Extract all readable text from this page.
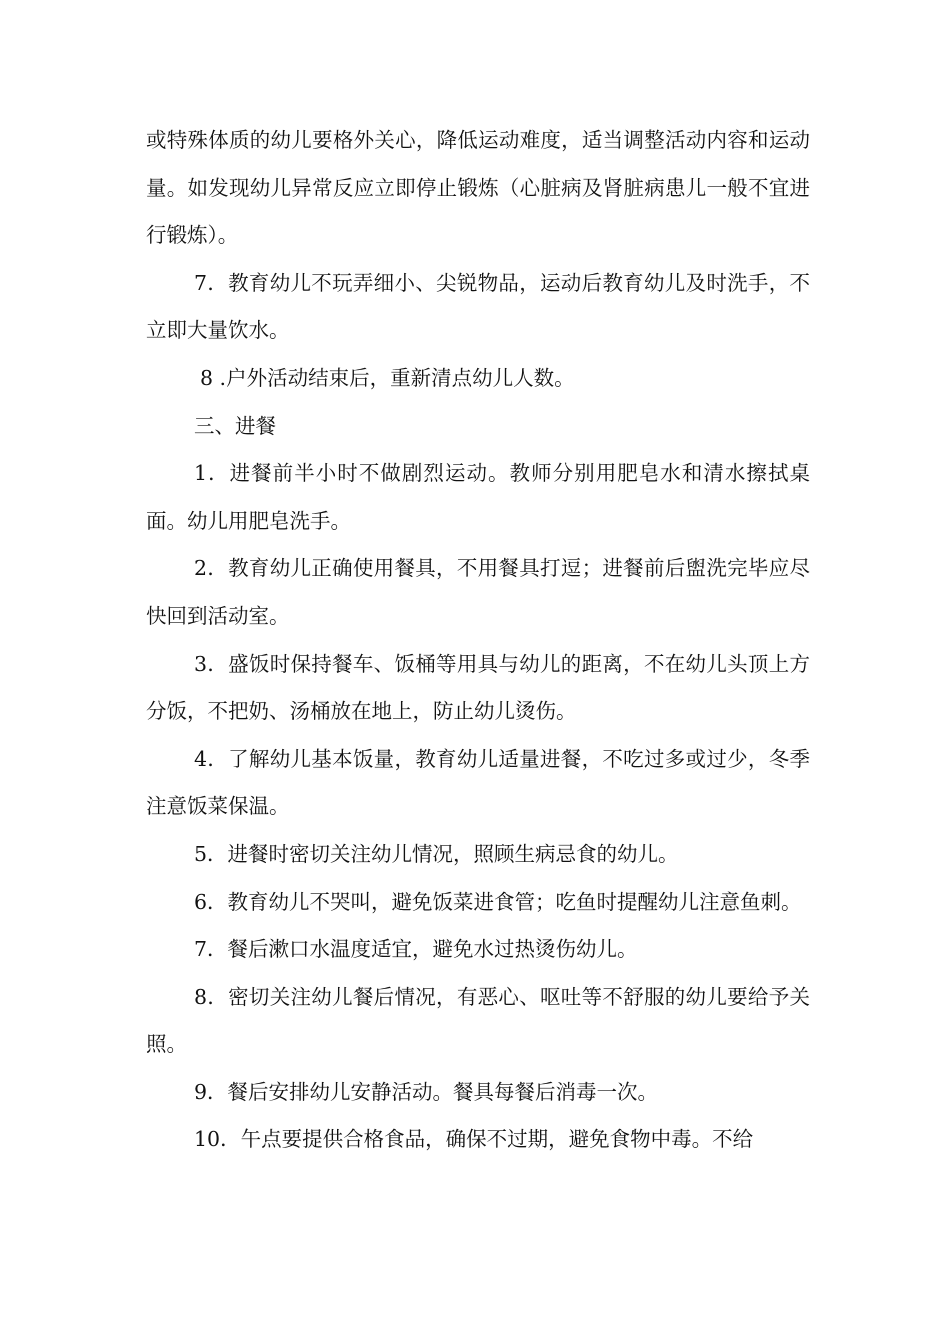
或特殊体质的幼儿要格外关心，降低运动难度，适当调整活动内容和运动量。如发现幼儿异常反应立即停止锻炼（心脏病及肾脏病患儿一般不宜进行锻炼）。

7．教育幼儿不玩弄细小、尖锐物品，运动后教育幼儿及时洗手，不立即大量饮水。

8 .户外活动结束后，重新清点幼儿人数。

三、进餐

1．进餐前半小时不做剧烈运动。教师分别用肥皂水和清水擦拭桌面。幼儿用肥皂洗手。

2．教育幼儿正确使用餐具，不用餐具打逗；进餐前后盥洗完毕应尽快回到活动室。

3．盛饭时保持餐车、饭桶等用具与幼儿的距离，不在幼儿头顶上方分饭，不把奶、汤桶放在地上，防止幼儿烫伤。

4．了解幼儿基本饭量，教育幼儿适量进餐，不吃过多或过少，冬季注意饭菜保温。

5．进餐时密切关注幼儿情况，照顾生病忌食的幼儿。

6．教育幼儿不哭叫，避免饭菜进食管；吃鱼时提醒幼儿注意鱼刺。

7．餐后漱口水温度适宜，避免水过热烫伤幼儿。

8．密切关注幼儿餐后情况，有恶心、呕吐等不舒服的幼儿要给予关照。

9．餐后安排幼儿安静活动。餐具每餐后消毒一次。

10．午点要提供合格食品，确保不过期，避免食物中毒。不给
